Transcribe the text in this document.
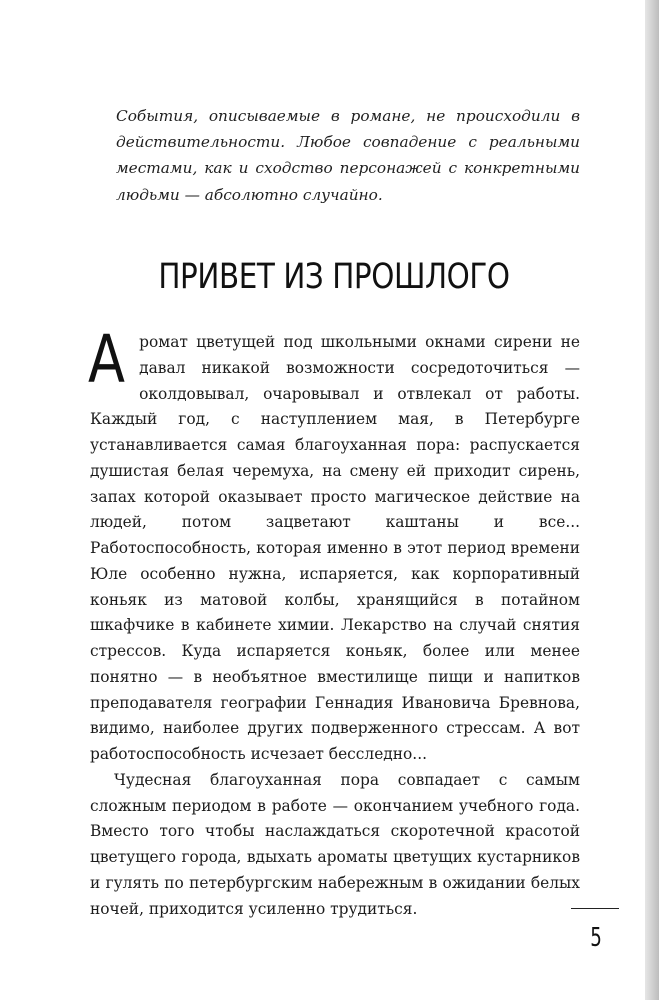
События, описываемые в романе, не происходили в действительности. Любое совпадение с реальными местами, как и сходство персонажей с конкретными людьми — абсолютно случайно.

ПРИВЕТ ИЗ ПРОШЛОГО

Аромат цветущей под школьными окнами сирени не давал никакой возможности сосредоточиться — околдовывал, очаровывал и отвлекал от работы. Каждый год, с наступлением мая, в Петербурге устанавливается самая благоуханная пора: распускается душистая белая черемуха, на смену ей приходит сирень, запах которой оказывает просто магическое действие на людей, потом зацветают каштаны и все... Работоспособность, которая именно в этот период времени Юле особенно нужна, испаряется, как корпоративный коньяк из матовой колбы, хранящийся в потайном шкафчике в кабинете химии. Лекарство на случай снятия стрессов. Куда испаряется коньяк, более или менее понятно — в необъятное вместилище пищи и напитков преподавателя географии Геннадия Ивановича Бревнова, видимо, наиболее других подверженного стрессам. А вот работоспособность исчезает бесследно...

Чудесная благоуханная пора совпадает с самым сложным периодом в работе — окончанием учебного года. Вместо того чтобы наслаждаться скоротечной красотой цветущего города, вдыхать ароматы цветущих кустарников и гулять по петербургским набережным в ожидании белых ночей, приходится усиленно трудиться.

5
